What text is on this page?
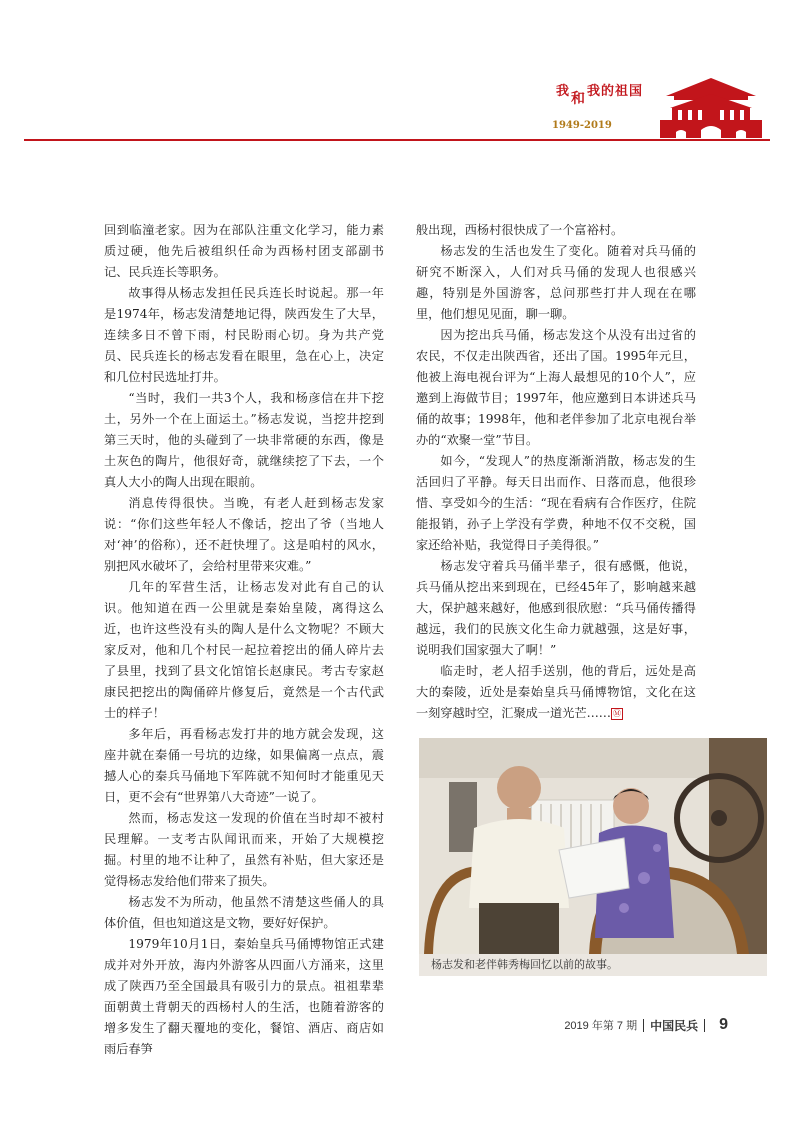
我和我的祖国
1949-2019

回到临潼老家。因为在部队注重文化学习，能力素质过硬，他先后被组织任命为西杨村团支部副书记、民兵连长等职务。

故事得从杨志发担任民兵连长时说起。那一年是1974年，杨志发清楚地记得，陕西发生了大旱，连续多日不曾下雨，村民盼雨心切。身为共产党员、民兵连长的杨志发看在眼里，急在心上，决定和几位村民选址打井。

“当时，我们一共3个人，我和杨彦信在井下挖土，另外一个在上面运土。”杨志发说，当挖井挖到第三天时，他的头碰到了一块非常硬的东西，像是土灰色的陶片，他很好奇，就继续挖了下去，一个真人大小的陶人出现在眼前。

消息传得很快。当晚，有老人赶到杨志发家说：“你们这些年轻人不像话，挖出了爷（当地人对‘神’的俗称），还不赶快埋了。这是咱村的风水，别把风水破坏了，会给村里带来灾难。”

几年的军营生活，让杨志发对此有自己的认识。他知道在西一公里就是秦始皇陵，离得这么近，也许这些没有头的陶人是什么文物呢？不顾大家反对，他和几个村民一起拉着挖出的俑人碎片去了县里，找到了县文化馆馆长赵康民。考古专家赵康民把挖出的陶俑碎片修复后，竟然是一个古代武士的样子！

多年后，再看杨志发打井的地方就会发现，这座井就在秦俑一号坑的边缘，如果偏离一点点，震撼人心的秦兵马俑地下军阵就不知何时才能重见天日，更不会有“世界第八大奇迹”一说了。

然而，杨志发这一发现的价值在当时却不被村民理解。一支考古队闻讯而来，开始了大规模挖掘。村里的地不让种了，虽然有补贴，但大家还是觉得杨志发给他们带来了损失。

杨志发不为所动，他虽然不清楚这些俑人的具体价值，但也知道这是文物，要好好保护。

1979年10月1日，秦始皇兵马俑博物馆正式建成并对外开放，海内外游客从四面八方涌来，这里成了陕西乃至全国最具有吸引力的景点。祖祖辈辈面朝黄土背朝天的西杨村人的生活，也随着游客的增多发生了翻天覆地的变化，餐馆、酒店、商店如雨后春笋

般出现，西杨村很快成了一个富裕村。

杨志发的生活也发生了变化。随着对兵马俑的研究不断深入，人们对兵马俑的发现人也很感兴趣，特别是外国游客，总问那些打井人现在在哪里，他们想见见面，聊一聊。

因为挖出兵马俑，杨志发这个从没有出过省的农民，不仅走出陕西省，还出了国。1995年元旦，他被上海电视台评为“上海人最想见的10个人”，应邀到上海做节目；1997年，他应邀到日本讲述兵马俑的故事；1998年，他和老伴参加了北京电视台举办的“欢聚一堂”节目。

如今，“发现人”的热度渐渐消散，杨志发的生活回归了平静。每天日出而作、日落而息，他很珍惜、享受如今的生活：“现在看病有合作医疗，住院能报销，孙子上学没有学费，种地不仅不交税，国家还给补贴，我觉得日子美得很。”

杨志发守着兵马俑半辈子，很有感慨，他说，兵马俑从挖出来到现在，已经45年了，影响越来越大，保护越来越好，他感到很欣慰：“兵马俑传播得越远，我们的民族文化生命力就越强，这是好事，说明我们国家强大了啊！”

临走时，老人招手送别，他的背后，远处是高大的秦陵，近处是秦始皇兵马俑博物馆，文化在这一刻穿越时空，汇聚成一道光芒…… Ⓜ

杨志发和老伴韩秀梅回忆以前的故事。
2019 年第 7 期 中国民兵 9
